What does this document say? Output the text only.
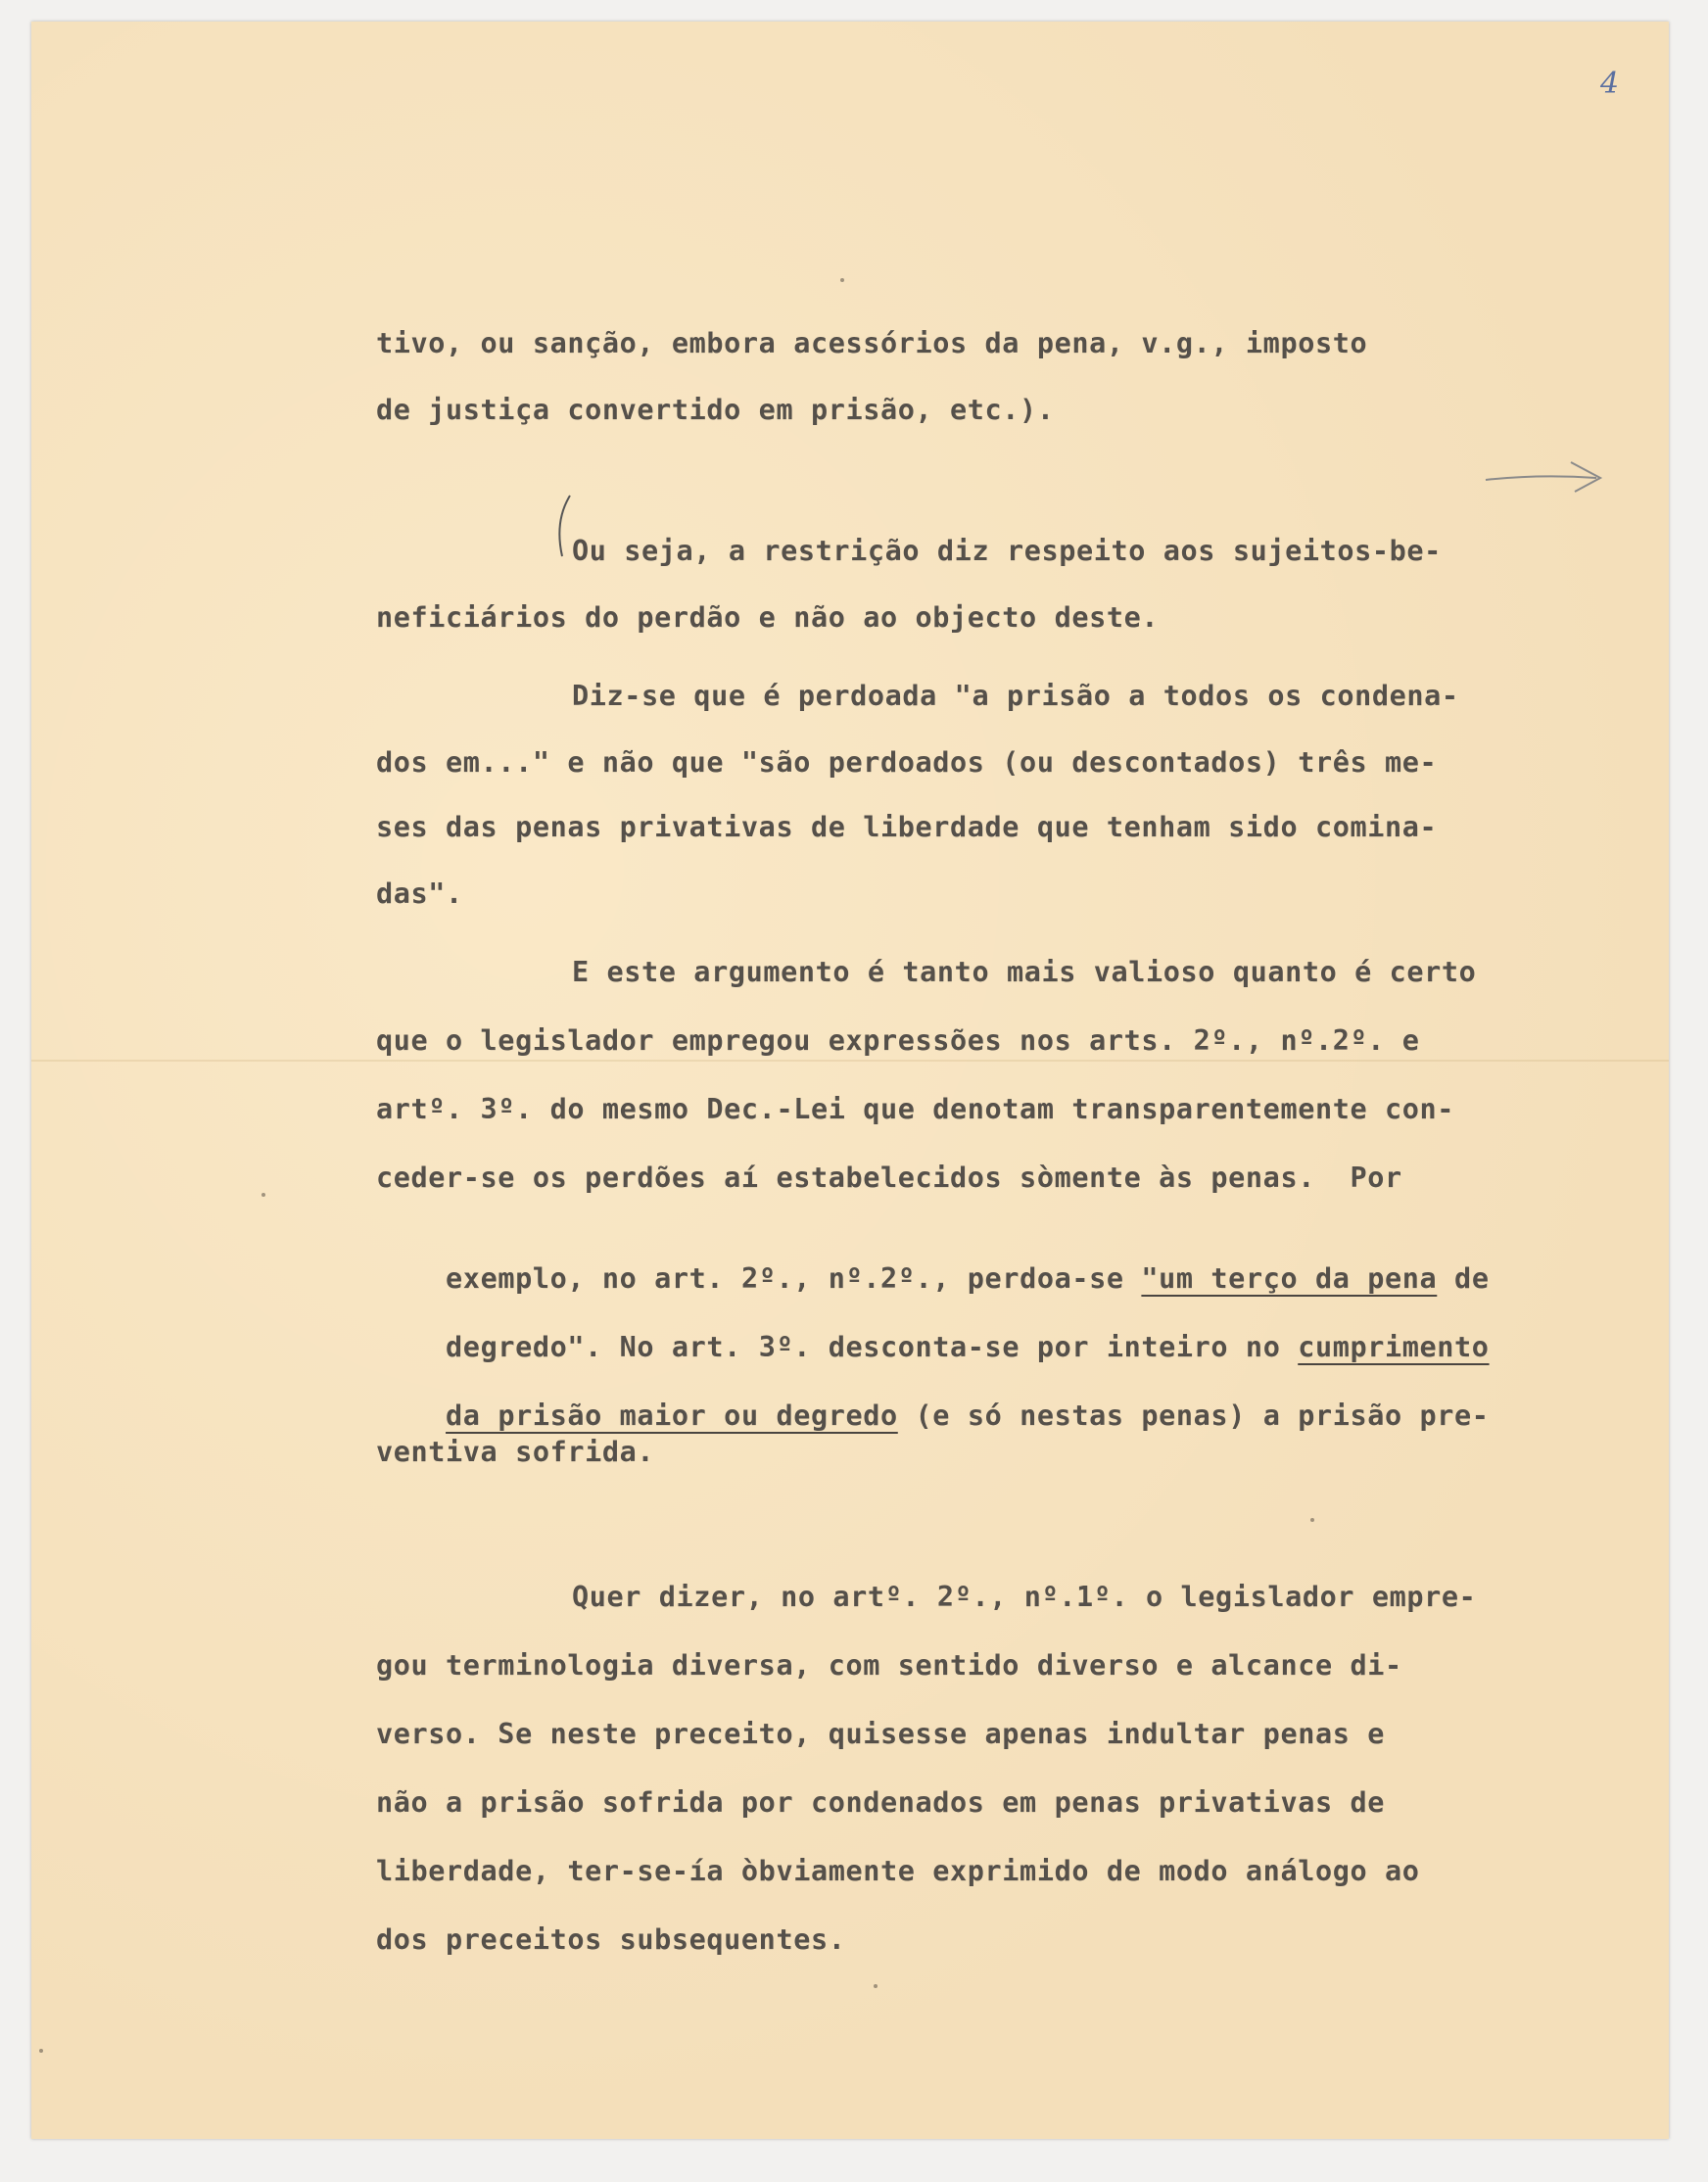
4
tivo, ou sanção, embora acessórios da pena, v.g., imposto
de justiça convertido em prisão, etc.).
Ou seja, a restrição diz respeito aos sujeitos-be-
neficiários do perdão e não ao objecto deste.
Diz-se que é perdoada "a prisão a todos os condena-
dos em..." e não que "são perdoados (ou descontados) três me-
ses das penas privativas de liberdade que tenham sido comina-
das".
E este argumento é tanto mais valioso quanto é certo
que o legislador empregou expressões nos arts. 2º., nº.2º. e
artº. 3º. do mesmo Dec.-Lei que denotam transparentemente con-
ceder-se os perdões aí estabelecidos sòmente às penas.  Por

exemplo, no art. 2º., nº.2º., perdoa-se "um terço da pena de

degredo". No art. 3º. desconta-se por inteiro no cumprimento

da prisão maior ou degredo (e só nestas penas) a prisão pre-

ventiva sofrida.
Quer dizer, no artº. 2º., nº.1º. o legislador empre-
gou terminologia diversa, com sentido diverso e alcance di-
verso. Se neste preceito, quisesse apenas indultar penas e
não a prisão sofrida por condenados em penas privativas de
liberdade, ter-se-ía òbviamente exprimido de modo análogo ao
dos preceitos subsequentes.
